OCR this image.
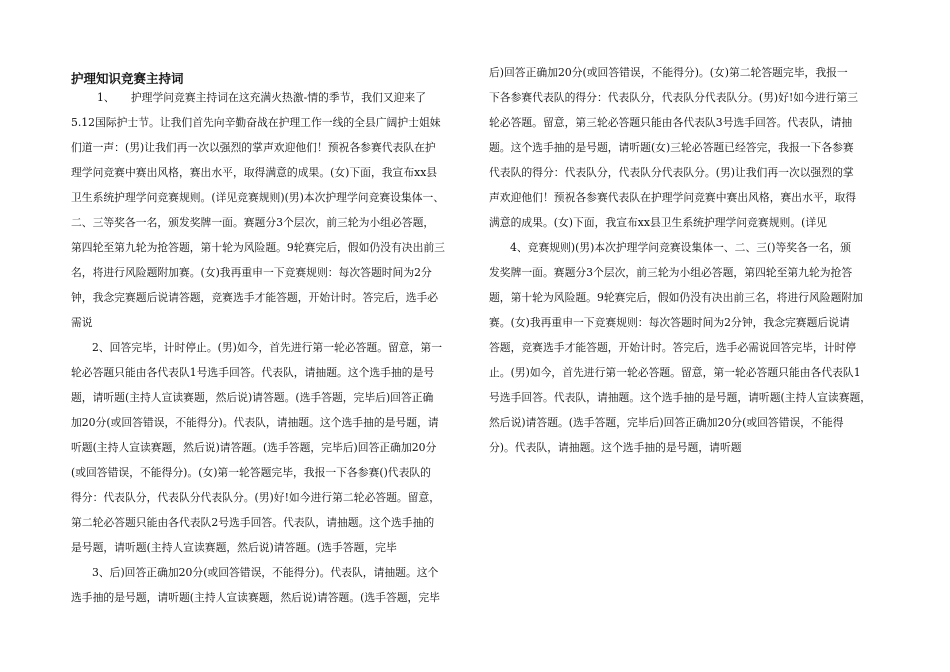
护理知识竞赛主持词
1、　　护理学问竞赛主持词在这充满火热激-情的季节，我们又迎来了
5.12国际护士节。让我们首先向辛勤奋战在护理工作一线的全县广阔护士姐妹
们道一声：(男)让我们再一次以强烈的掌声欢迎他们！预祝各参赛代表队在护
理学问竞赛中赛出风格，赛出水平，取得满意的成果。(女)下面，我宣布xx县
卫生系统护理学问竞赛规则。(详见竞赛规则)(男)本次护理学问竞赛设集体一、
二、三等奖各一名，颁发奖牌一面。赛题分3个层次，前三轮为小组必答题，
第四轮至第九轮为抢答题，第十轮为风险题。9轮赛完后，假如仍没有决出前三
名，将进行风险题附加赛。(女)我再重申一下竞赛规则：每次答题时间为2分
钟，我念完赛题后说请答题，竞赛选手才能答题，开始计时。答完后，选手必
需说
2、回答完毕，计时停止。(男)如今，首先进行第一轮必答题。留意，第一
轮必答题只能由各代表队1号选手回答。代表队，请抽题。这个选手抽的是号
题，请听题(主持人宣读赛题，然后说)请答题。(选手答题，完毕后)回答正确
加20分(或回答错误，不能得分)。代表队，请抽题。这个选手抽的是号题，请
听题(主持人宣读赛题，然后说)请答题。(选手答题，完毕后)回答正确加20分
(或回答错误，不能得分)。(女)第一轮答题完毕，我报一下各参赛()代表队的
得分：代表队分，代表队分代表队分。(男)好!如今进行第二轮必答题。留意，
第二轮必答题只能由各代表队2号选手回答。代表队，请抽题。这个选手抽的
是号题，请听题(主持人宣读赛题，然后说)请答题。(选手答题，完毕
3、后)回答正确加20分(或回答错误，不能得分)。代表队，请抽题。这个
选手抽的是号题，请听题(主持人宣读赛题，然后说)请答题。(选手答题，完毕
后)回答正确加20分(或回答错误，不能得分)。(女)第二轮答题完毕，我报一
下各参赛代表队的得分：代表队分，代表队分代表队分。(男)好!如今进行第三
轮必答题。留意，第三轮必答题只能由各代表队3号选手回答。代表队，请抽
题。这个选手抽的是号题，请听题(女)三轮必答题已经答完，我报一下各参赛
代表队的得分：代表队分，代表队分代表队分。(男)让我们再一次以强烈的掌
声欢迎他们！预祝各参赛代表队在护理学问竞赛中赛出风格，赛出水平，取得
满意的成果。(女)下面，我宣布xx县卫生系统护理学问竞赛规则。(详见
4、竞赛规则)(男)本次护理学问竞赛设集体一、二、三()等奖各一名，颁
发奖牌一面。赛题分3个层次，前三轮为小组必答题，第四轮至第九轮为抢答
题，第十轮为风险题。9轮赛完后，假如仍没有决出前三名，将进行风险题附加
赛。(女)我再重申一下竞赛规则：每次答题时间为2分钟，我念完赛题后说请
答题，竞赛选手才能答题，开始计时。答完后，选手必需说回答完毕，计时停
止。(男)如今，首先进行第一轮必答题。留意，第一轮必答题只能由各代表队1
号选手回答。代表队，请抽题。这个选手抽的是号题，请听题(主持人宣读赛题，
然后说)请答题。(选手答题，完毕后)回答正确加20分(或回答错误，不能得
分)。代表队，请抽题。这个选手抽的是号题，请听题
